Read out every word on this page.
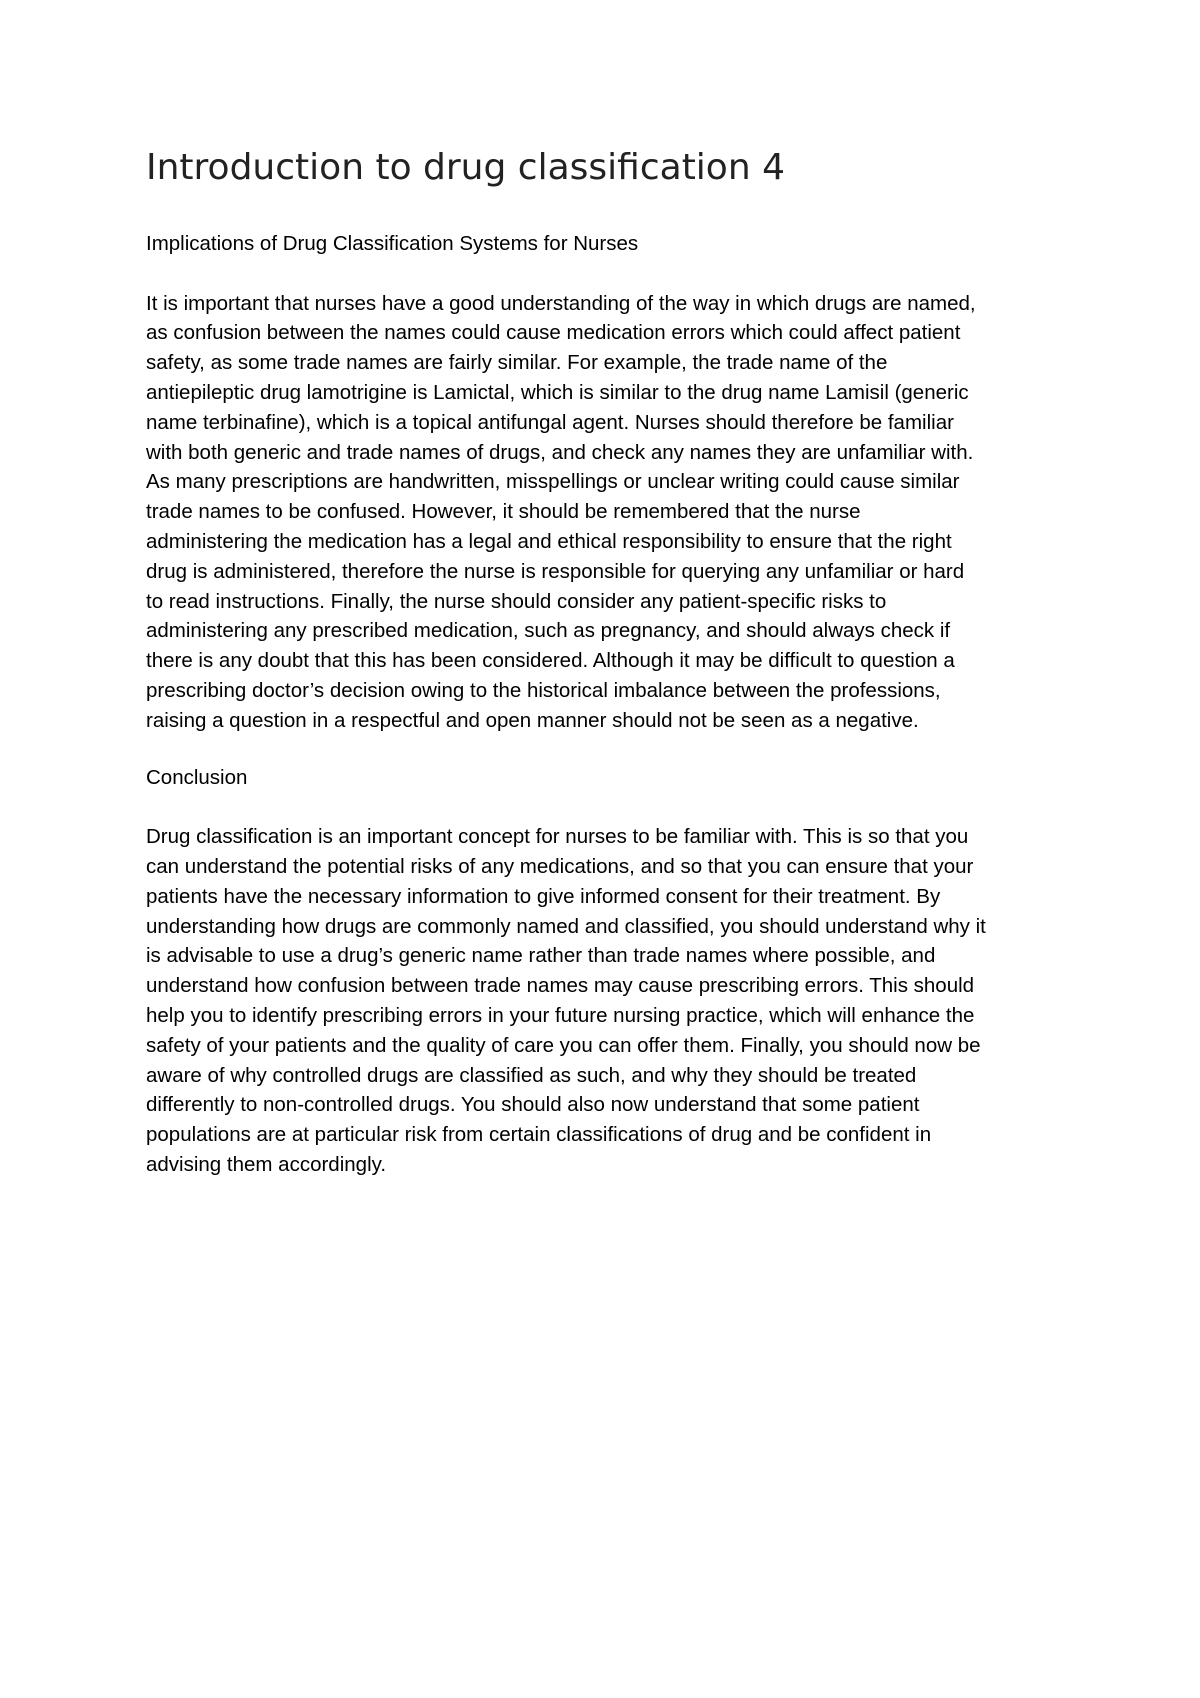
Introduction to drug classification 4
Implications of Drug Classification Systems for Nurses

It is important that nurses have a good understanding of the way in which drugs are named,
as confusion between the names could cause medication errors which could affect patient
safety, as some trade names are fairly similar. For example, the trade name of the
antiepileptic drug lamotrigine is Lamictal, which is similar to the drug name Lamisil (generic
name terbinafine), which is a topical antifungal agent. Nurses should therefore be familiar
with both generic and trade names of drugs, and check any names they are unfamiliar with.
As many prescriptions are handwritten, misspellings or unclear writing could cause similar
trade names to be confused. However, it should be remembered that the nurse
administering the medication has a legal and ethical responsibility to ensure that the right
drug is administered, therefore the nurse is responsible for querying any unfamiliar or hard
to read instructions. Finally, the nurse should consider any patient-specific risks to
administering any prescribed medication, such as pregnancy, and should always check if
there is any doubt that this has been considered. Although it may be difficult to question a
prescribing doctor’s decision owing to the historical imbalance between the professions,
raising a question in a respectful and open manner should not be seen as a negative.

Conclusion

Drug classification is an important concept for nurses to be familiar with. This is so that you
can understand the potential risks of any medications, and so that you can ensure that your
patients have the necessary information to give informed consent for their treatment. By
understanding how drugs are commonly named and classified, you should understand why it
is advisable to use a drug’s generic name rather than trade names where possible, and
understand how confusion between trade names may cause prescribing errors. This should
help you to identify prescribing errors in your future nursing practice, which will enhance the
safety of your patients and the quality of care you can offer them. Finally, you should now be
aware of why controlled drugs are classified as such, and why they should be treated
differently to non-controlled drugs. You should also now understand that some patient
populations are at particular risk from certain classifications of drug and be confident in
advising them accordingly.
